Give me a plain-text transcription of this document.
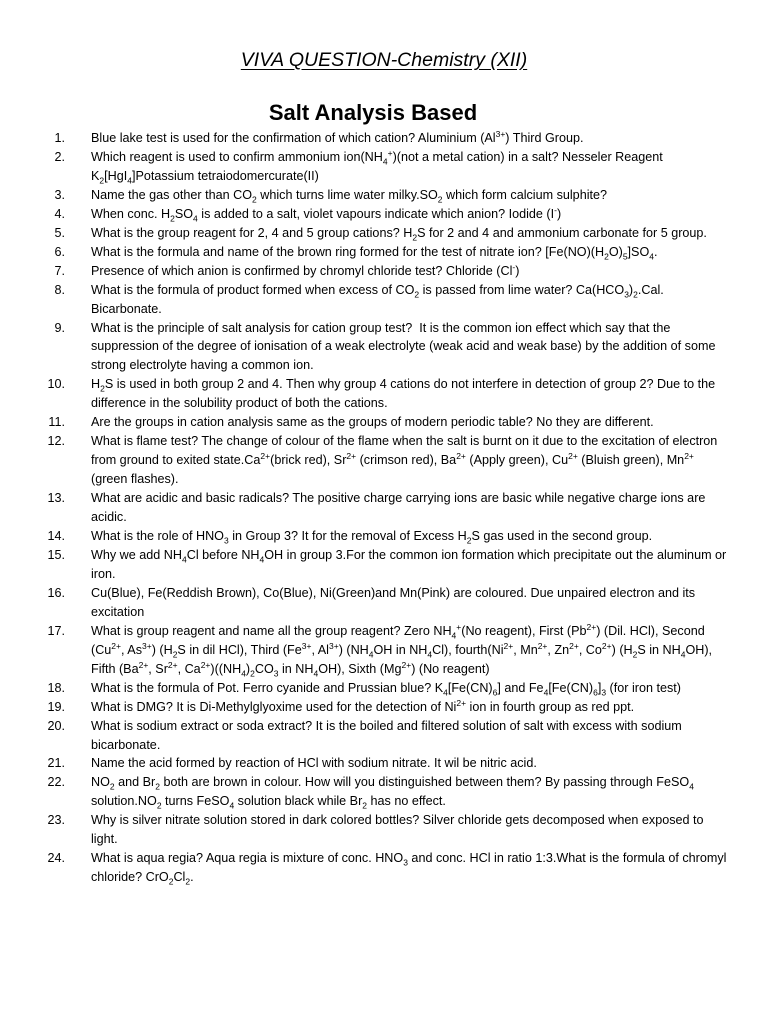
VIVA QUESTION-Chemistry (XII)
Salt Analysis Based
1. Blue lake test is used for the confirmation of which cation? Aluminium $(Al^{3+})$ Third Group.
2. Which reagent is used to confirm ammonium $ion(NH_4^+)(not$ a metal cation) in a salt? Nesseler Reagent $K_2[HgI_4]Potassium$ tetraiodomercurate(II)
3. Name the gas other than $CO_2$ which turns lime water $milky.SO_2$ which form calcium sulphite?
4. When conc. $H_2SO_4$ is added to a salt, violet vapours indicate which anion? Iodide (I-)
5. What is the group reagent for 2, 4 and 5 group cations? $H_2S$ for 2 and 4 and ammonium carbonate for 5 group.
6. What is the formula and name of the brown ring formed for the test of nitrate ion? $[Fe(NO)(H_2O)_5]SO_4$.
7. Presence of which anion is confirmed by chromyl chloride test? Chloride (Cl-)
8. What is the formula of product formed when excess of $CO_2$ is passed from lime water? $Ca(HCO_3)_2.Cal$. Bicarbonate.
9. What is the principle of salt analysis for cation group test?  It is the common ion effect which say that the suppression of the degree of ionisation of a weak electrolyte (weak acid and weak base) by the addition of some strong electrolyte having a common ion.
10. $H_2S$ is used in both group 2 and 4. Then why group 4 cations do not interfere in detection of group 2? Due to the difference in the solubility product of both the cations.
11. Are the groups in cation analysis same as the groups of modern periodic table? No they are different.
12. What is flame test? The change of colour of the flame when the salt is burnt on it due to the excitation of electron from ground to exited $state.Ca^{2+}(brick$ red), $Sr^{2+}$ (crimson red), $Ba^{2+}$ (Apply green), $Cu^{2+}$ (Bluish green), $Mn^{2+}(green$ flashes).
13. What are acidic and basic radicals? The positive charge carrying ions are basic while negative charge ions are acidic.
14. What is the role of $HNO_3$ in Group 3? It for the removal of Excess $H_2S$ gas used in the second group.
15. Why we add $NH_4Cl$ before $NH_4OH$ in group 3.For the common ion formation which precipitate out the aluminum or iron.
16. Cu(Blue), Fe(Reddish Brown), Co(Blue), Ni(Green)and Mn(Pink) are coloured. Due unpaired electron and its excitation
17. What is group reagent and name all the group reagent? Zero $NH_4^+(No$ reagent), First $(Pb^{2+})$ (Dil. HCl), Second ($Cu^{2+}$, $As^{3+}$) ($H_2S$ in dil HCl), Third ($Fe^{3+}$, $Al^{3+}$) ($NH_4OH$ in $NH_4Cl$), $fourth(Ni^{2+}$, $Mn^{2+}$, $Zn^{2+}$, $Co^{2+}$) ($H_2S$ in $NH_4OH$), Fifth ($Ba^{2+}$, $Sr^{2+}$, $Ca^{2+})((NH_4)_2CO_3$ in $NH_4OH$), Sixth $(Mg^{2+})$ (No reagent)
18. What is the formula of Pot. Ferro cyanide and Prussian blue? $K_4[Fe(CN)_6]$ and $Fe_4[Fe(CN)_6]_3$ (for iron test)
19. What is DMG? It is Di-Methylglyoxime used for the detection of $Ni^{2+}$ ion in fourth group as red ppt.
20. What is sodium extract or soda extract? It is the boiled and filtered solution of salt with excess with sodium bicarbonate.
21. Name the acid formed by reaction of HCl with sodium nitrate. It wil be nitric acid.
22. $NO_2$ and $Br_2$ both are brown in colour. How will you distinguished between them? By passing through FeSO$_4$ $solution.NO_2$ turns FeSO$_4$ solution black while $Br_2$ has no effect.
23. Why is silver nitrate solution stored in dark colored bottles? Silver chloride gets decomposed when exposed to light.
24. What is aqua regia? Aqua regia is mixture of conc. $HNO_3$ and conc. HCl in ratio 1:3.What is the formula of chromyl chloride? $CrO_2Cl_2$.
